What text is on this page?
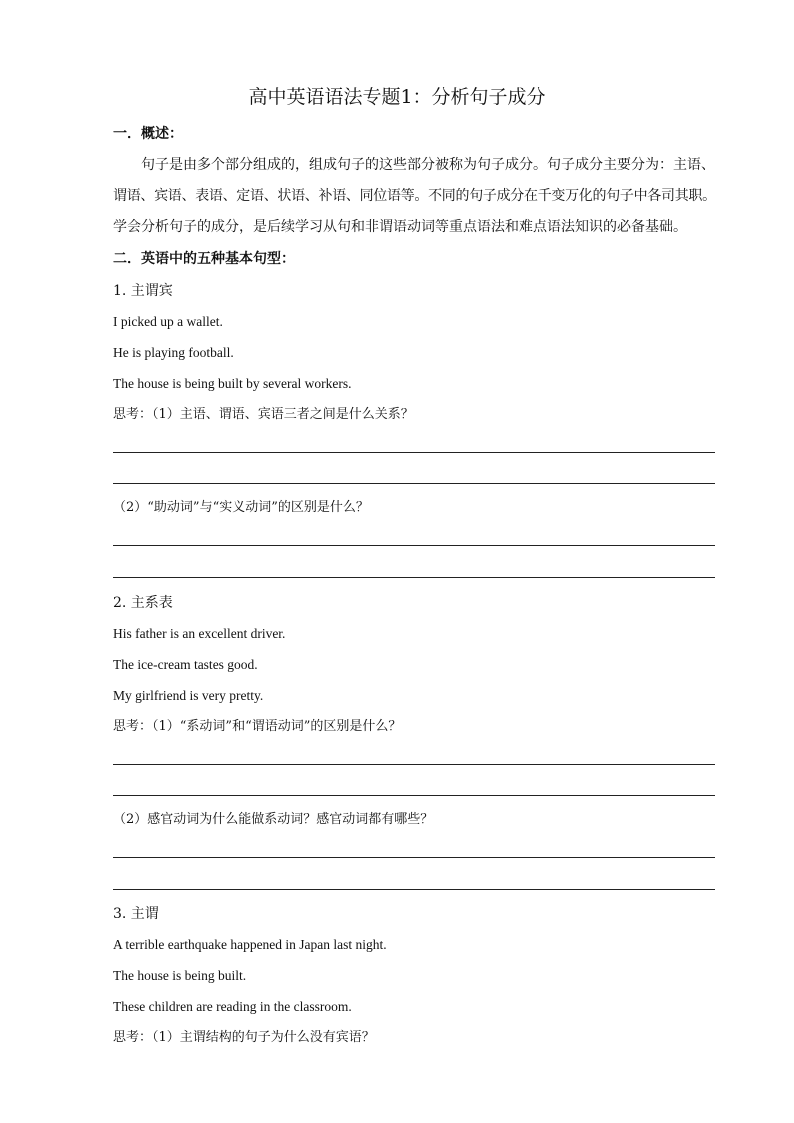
高中英语语法专题1：分析句子成分
一．概述：
句子是由多个部分组成的，组成句子的这些部分被称为句子成分。句子成分主要分为：主语、
谓语、宾语、表语、定语、状语、补语、同位语等。不同的句子成分在千变万化的句子中各司其职。
学会分析句子的成分，是后续学习从句和非谓语动词等重点语法和难点语法知识的必备基础。
二．英语中的五种基本句型：
1. 主谓宾
I picked up a wallet.
He is playing football.
The house is being built by several workers.
思考：（1）主语、谓语、宾语三者之间是什么关系？
（2）“助动词”与“实义动词”的区别是什么？
2. 主系表
His father is an excellent driver.
The ice-cream tastes good.
My girlfriend is very pretty.
思考：（1）“系动词”和“谓语动词”的区别是什么？
（2）感官动词为什么能做系动词？感官动词都有哪些？
3. 主谓
A terrible earthquake happened in Japan last night.
The house is being built.
These children are reading in the classroom.
思考：（1）主谓结构的句子为什么没有宾语？
